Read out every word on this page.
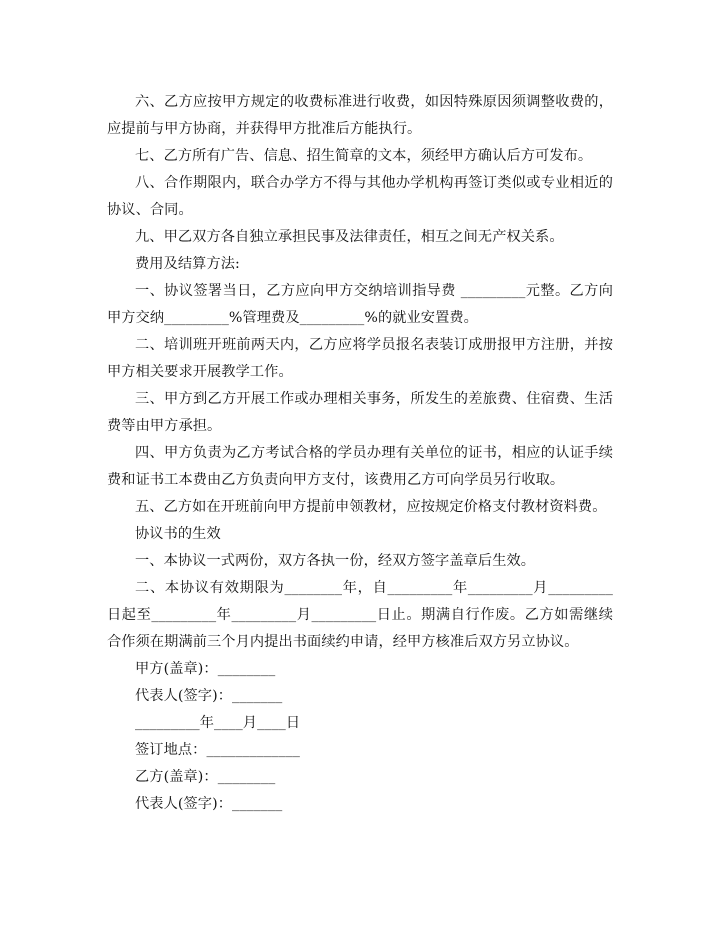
六、乙方应按甲方规定的收费标准进行收费，如因特殊原因须调整收费的，应提前与甲方协商，并获得甲方批准后方能执行。

七、乙方所有广告、信息、招生简章的文本，须经甲方确认后方可发布。

八、合作期限内，联合办学方不得与其他办学机构再签订类似或专业相近的协议、合同。

九、甲乙双方各自独立承担民事及法律责任，相互之间无产权关系。

费用及结算方法:

一、协议签署当日，乙方应向甲方交纳培训指导费 _________元整。乙方向甲方交纳_________%管理费及_________%的就业安置费。

二、培训班开班前两天内，乙方应将学员报名表装订成册报甲方注册，并按甲方相关要求开展教学工作。

三、甲方到乙方开展工作或办理相关事务，所发生的差旅费、住宿费、生活费等由甲方承担。

四、甲方负责为乙方考试合格的学员办理有关单位的证书，相应的认证手续费和证书工本费由乙方负责向甲方支付，该费用乙方可向学员另行收取。

五、乙方如在开班前向甲方提前申领教材，应按规定价格支付教材资料费。

协议书的生效

一、本协议一式两份，双方各执一份，经双方签字盖章后生效。

二、本协议有效期限为________年，自_________年_________月_________日起至_________年_________月_________日止。期满自行作废。乙方如需继续合作须在期满前三个月内提出书面续约申请，经甲方核准后双方另立协议。

甲方(盖章)：________

代表人(签字)：_______

_________年____月____日

签订地点：_____________

乙方(盖章)：________

代表人(签字)：_______
